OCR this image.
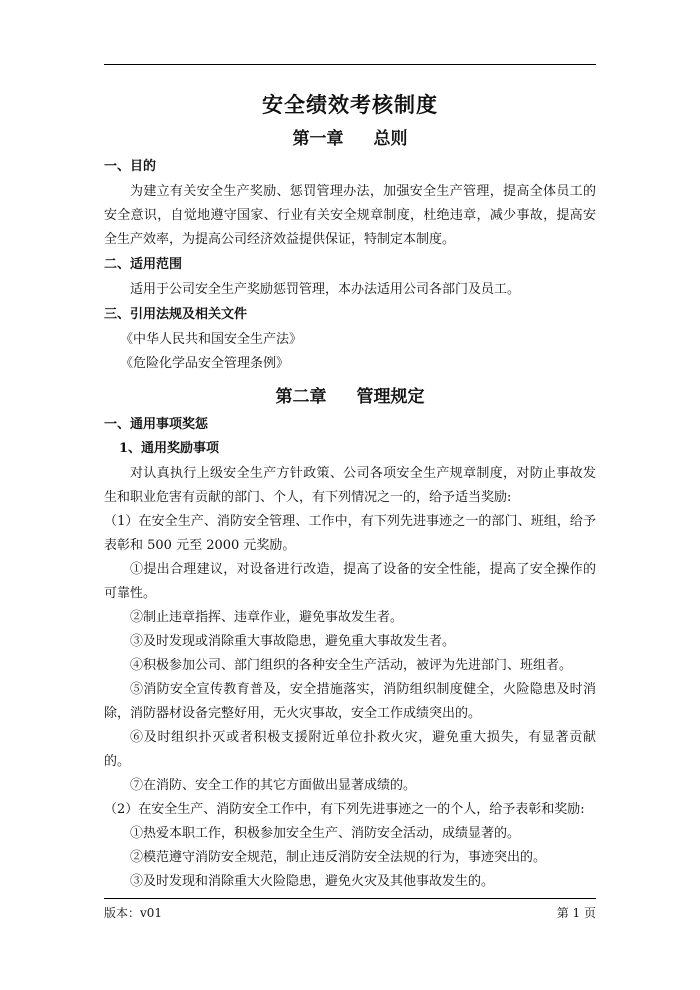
安全绩效考核制度
第一章 总则
一、目的

为建立有关安全生产奖励、惩罚管理办法，加强安全生产管理，提高全体员工的安全意识，自觉地遵守国家、行业有关安全规章制度，杜绝违章，减少事故，提高安全生产效率，为提高公司经济效益提供保证，特制定本制度。

二、适用范围

适用于公司安全生产奖励惩罚管理，本办法适用公司各部门及员工。

三、引用法规及相关文件

《中华人民共和国安全生产法》

《危险化学品安全管理条例》

第二章 管理规定
一、通用事项奖惩
1、通用奖励事项

对认真执行上级安全生产方针政策、公司各项安全生产规章制度，对防止事故发生和职业危害有贡献的部门、个人，有下列情况之一的，给予适当奖励:

（1）在安全生产、消防安全管理、工作中，有下列先进事迹之一的部门、班组，给予表彰和 500 元至 2000 元奖励。

①提出合理建议，对设备进行改造，提高了设备的安全性能，提高了安全操作的可靠性。

②制止违章指挥、违章作业，避免事故发生者。

③及时发现或消除重大事故隐患，避免重大事故发生者。

④积极参加公司、部门组织的各种安全生产活动，被评为先进部门、班组者。

⑤消防安全宣传教育普及，安全措施落实，消防组织制度健全，火险隐患及时消除，消防器材设备完整好用，无火灾事故，安全工作成绩突出的。

⑥及时组织扑灭或者积极支援附近单位扑救火灾，避免重大损失，有显著贡献的。

⑦在消防、安全工作的其它方面做出显著成绩的。

（2）在安全生产、消防安全工作中，有下列先进事迹之一的个人，给予表彰和奖励:

①热爱本职工作，积极参加安全生产、消防安全活动，成绩显著的。

②模范遵守消防安全规范，制止违反消防安全法规的行为，事迹突出的。

③及时发现和消除重大火险隐患，避免火灾及其他事故发生的。

版本：v01	第 1 页
